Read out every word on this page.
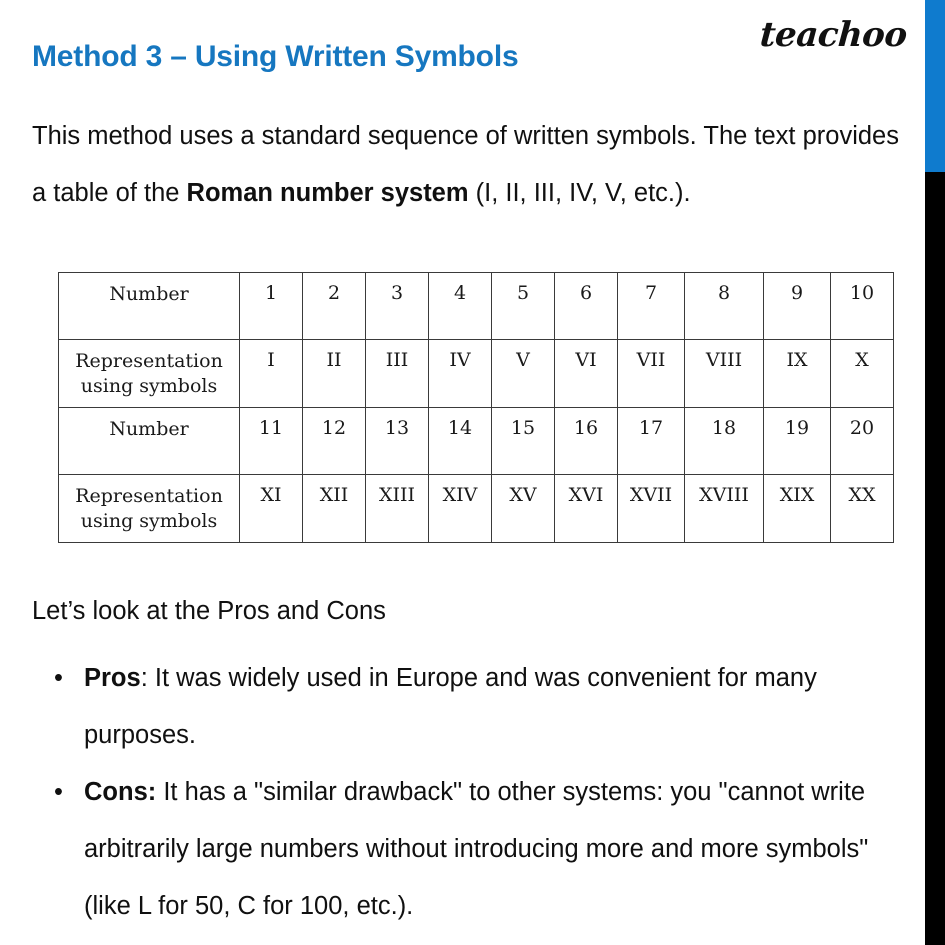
teachoo
Method 3 – Using Written Symbols
This method uses a standard sequence of written symbols. The text provides a table of the Roman number system (I, II, III, IV, V, etc.).
Number	1	2	3	4	5	6	7	8	9	10
Representation
using symbols	I	II	III	IV	V	VI	VII	VIII	IX	X
Number	11	12	13	14	15	16	17	18	19	20
Representation
using symbols	XI	XII	XIII	XIV	XV	XVI	XVII	XVIII	XIX	XX
Let’s look at the Pros and Cons
• Pros: It was widely used in Europe and was convenient for many purposes.
• Cons: It has a "similar drawback" to other systems: you "cannot write arbitrarily large numbers without introducing more and more symbols" (like L for 50, C for 100, etc.).
